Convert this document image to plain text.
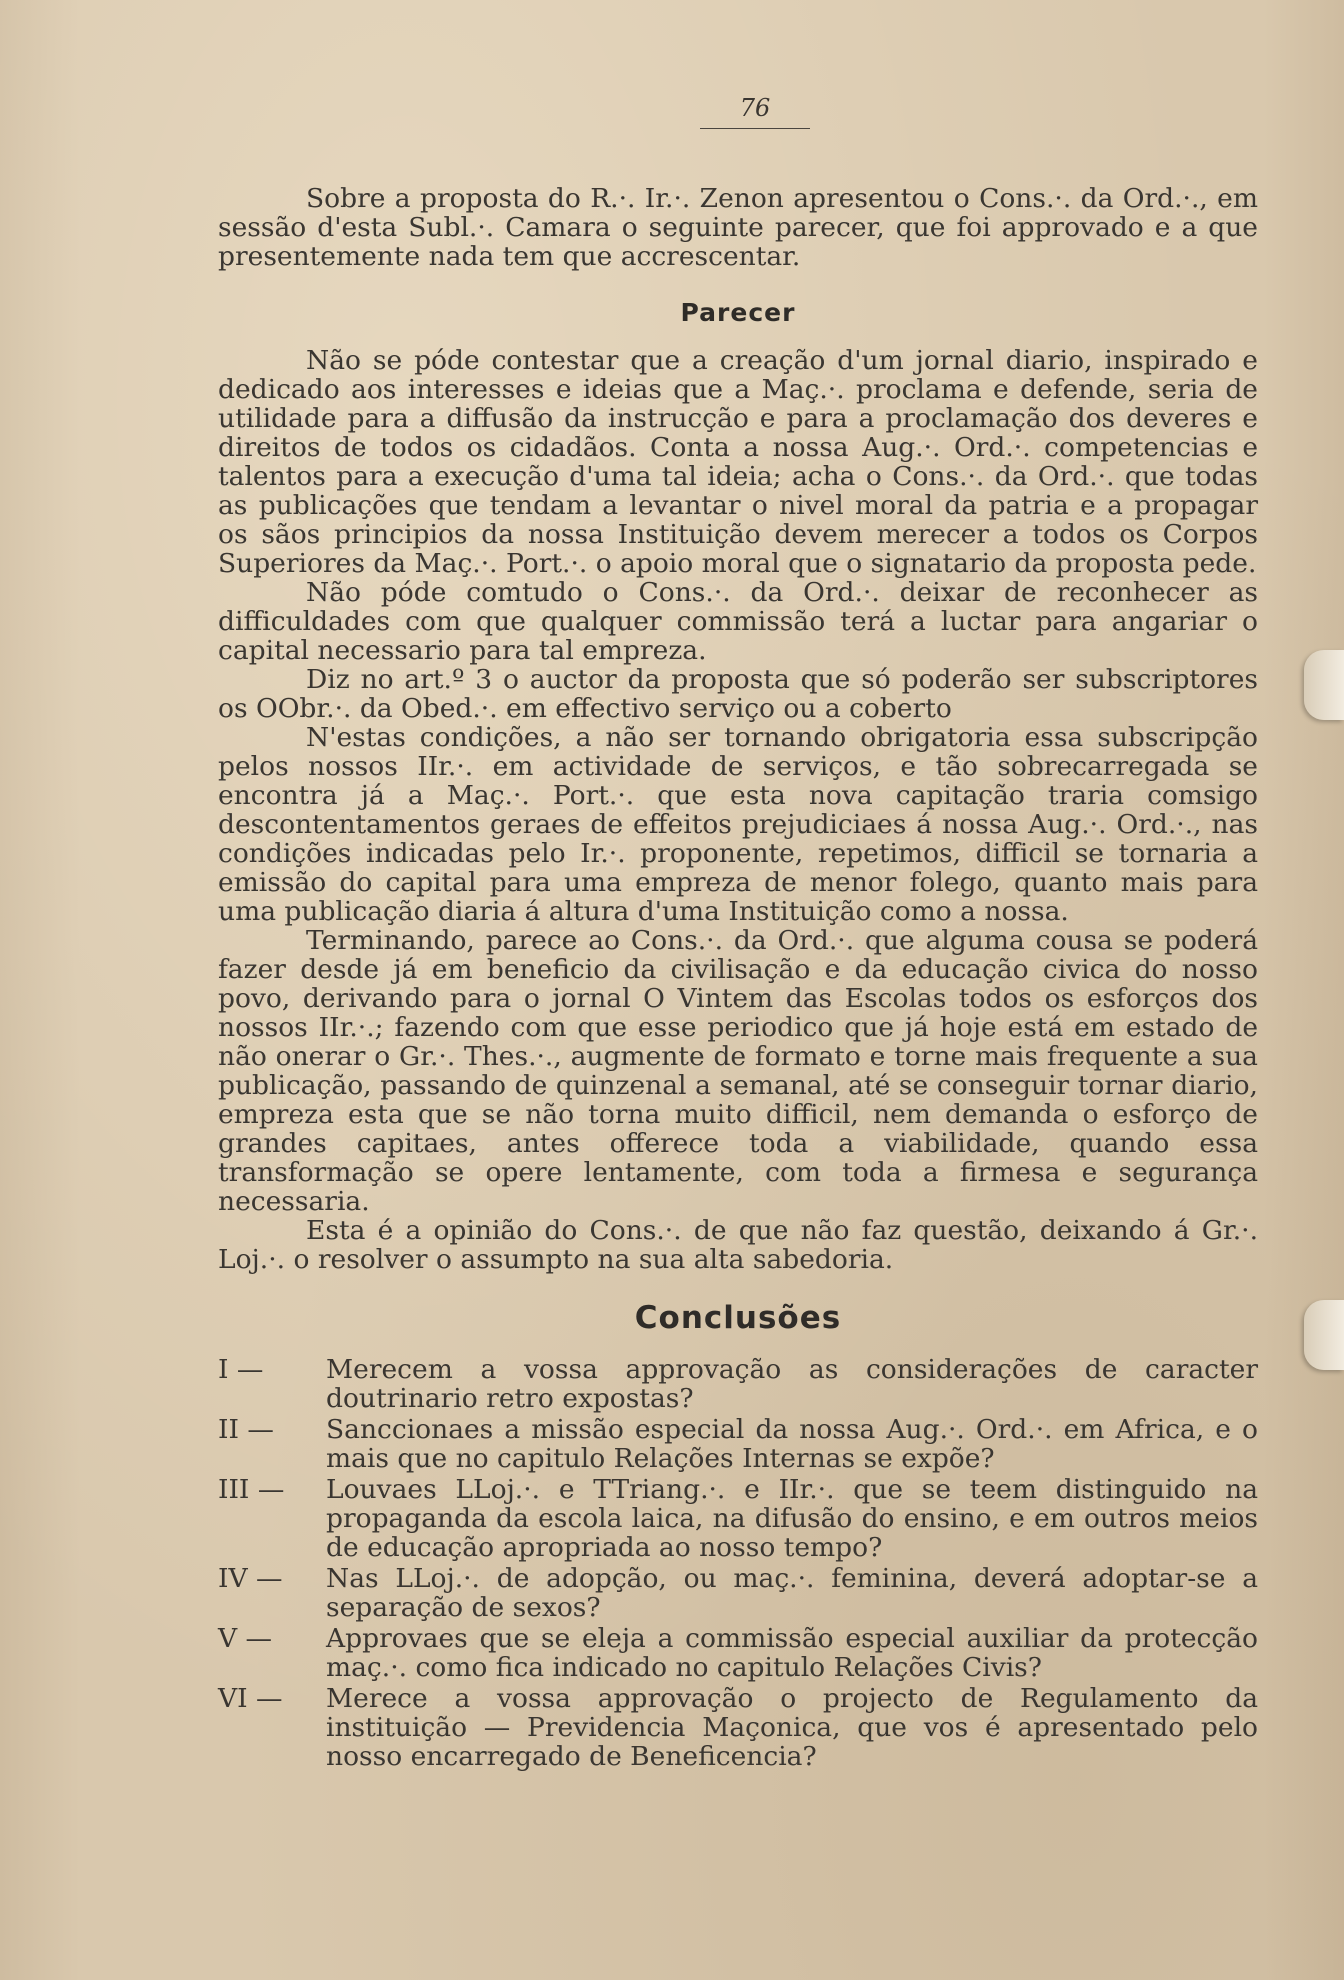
76

Sobre a proposta do R.·. Ir.·. Zenon apresentou o Cons.·. da Ord.·., em sessão d'esta Subl.·. Camara o seguinte parecer, que foi approvado e a que presentemente nada tem que accrescentar.

Parecer

Não se póde contestar que a creação d'um jornal diario, inspirado e dedicado aos interesses e ideias que a Maç.·. proclama e defende, seria de utilidade para a diffusão da instrucção e para a proclamação dos deveres e direitos de todos os cidadãos. Conta a nossa Aug.·. Ord.·. competencias e talentos para a execução d'uma tal ideia; acha o Cons.·. da Ord.·. que todas as publicações que tendam a levantar o nivel moral da patria e a propagar os sãos principios da nossa Instituição devem merecer a todos os Corpos Superiores da Maç.·. Port.·. o apoio moral que o signatario da proposta pede.

Não póde comtudo o Cons.·. da Ord.·. deixar de reconhecer as difficuldades com que qualquer commissão terá a luctar para angariar o capital necessario para tal empreza.

Diz no art.º 3 o auctor da proposta que só poderão ser subscriptores os OObr.·. da Obed.·. em effectivo serviço ou a coberto

N'estas condições, a não ser tornando obrigatoria essa subscripção pelos nossos IIr.·. em actividade de serviços, e tão sobrecarregada se encontra já a Maç.·. Port.·. que esta nova capitação traria comsigo descontentamentos geraes de effeitos prejudiciaes á nossa Aug.·. Ord.·., nas condições indicadas pelo Ir.·. proponente, repetimos, difficil se tornaria a emissão do capital para uma empreza de menor folego, quanto mais para uma publicação diaria á altura d'uma Instituição como a nossa.

Terminando, parece ao Cons.·. da Ord.·. que alguma cousa se poderá fazer desde já em beneficio da civilisação e da educação civica do nosso povo, derivando para o jornal O Vintem das Escolas todos os esforços dos nossos IIr.·.; fazendo com que esse periodico que já hoje está em estado de não onerar o Gr.·. Thes.·., augmente de formato e torne mais frequente a sua publicação, passando de quinzenal a semanal, até se conseguir tornar diario, empreza esta que se não torna muito difficil, nem demanda o esforço de grandes capitaes, antes offerece toda a viabilidade, quando essa transformação se opere lentamente, com toda a firmesa e segurança necessaria.

Esta é a opinião do Cons.·. de que não faz questão, deixando á Gr.·. Loj.·. o resolver o assumpto na sua alta sabedoria.

Conclusões
I —	Merecem a vossa approvação as considerações de caracter doutrinario retro expostas?
II —	Sanccionaes a missão especial da nossa Aug.·. Ord.·. em Africa, e o mais que no capitulo Relações Internas se expõe?
III —	Louvaes LLoj.·. e TTriang.·. e IIr.·. que se teem distinguido na propaganda da escola laica, na difusão do ensino, e em outros meios de educação apropriada ao nosso tempo?
IV —	Nas LLoj.·. de adopção, ou maç.·. feminina, deverá adoptar-se a separação de sexos?
V —	Approvaes que se eleja a commissão especial auxiliar da protecção maç.·. como fica indicado no capitulo Relações Civis?
VI —	Merece a vossa approvação o projecto de Regulamento da instituição — Previdencia Maçonica, que vos é apresentado pelo nosso encarregado de Beneficencia?
